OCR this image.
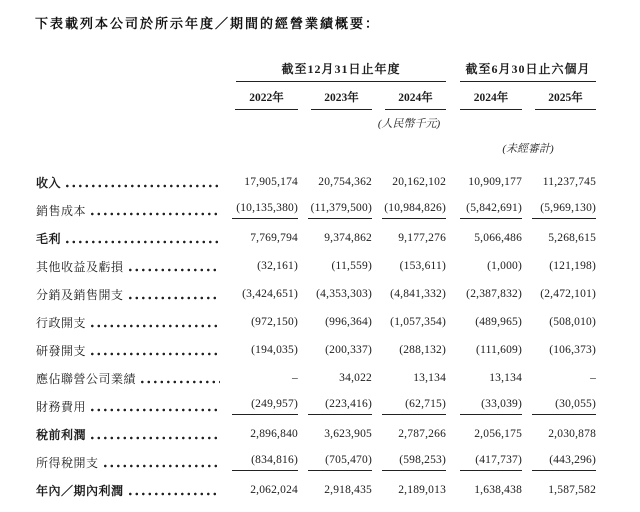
下表載列本公司於所示年度／期間的經營業績概要：

	截至12月31日止年度				截至6月30日止六個月	

	2022年	2023年	2024年		2024年	2025年

			(人民幣千元)			

					(未經審計)	

收入	17,905,174	20,754,362	20,162,102		10,909,177	11,237,745

銷售成本	(10,135,380)	(11,379,500)	(10,984,826)		(5,842,691)	(5,969,130)

毛利	7,769,794	9,374,862	9,177,276		5,066,486	5,268,615

其他收益及虧損	(32,161)	(11,559)	(153,611)		(1,000)	(121,198)

分銷及銷售開支	(3,424,651)	(4,353,303)	(4,841,332)		(2,387,832)	(2,472,101)

行政開支	(972,150)	(996,364)	(1,057,354)		(489,965)	(508,010)

研發開支	(194,035)	(200,337)	(288,132)		(111,609)	(106,373)

應佔聯營公司業績	–	34,022	13,134		13,134	–

財務費用	(249,957)	(223,416)	(62,715)		(33,039)	(30,055)

稅前利潤	2,896,840	3,623,905	2,787,266		2,056,175	2,030,878

所得稅開支	(834,816)	(705,470)	(598,253)		(417,737)	(443,296)

年內／期內利潤	2,062,024	2,918,435	2,189,013		1,638,438	1,587,582
